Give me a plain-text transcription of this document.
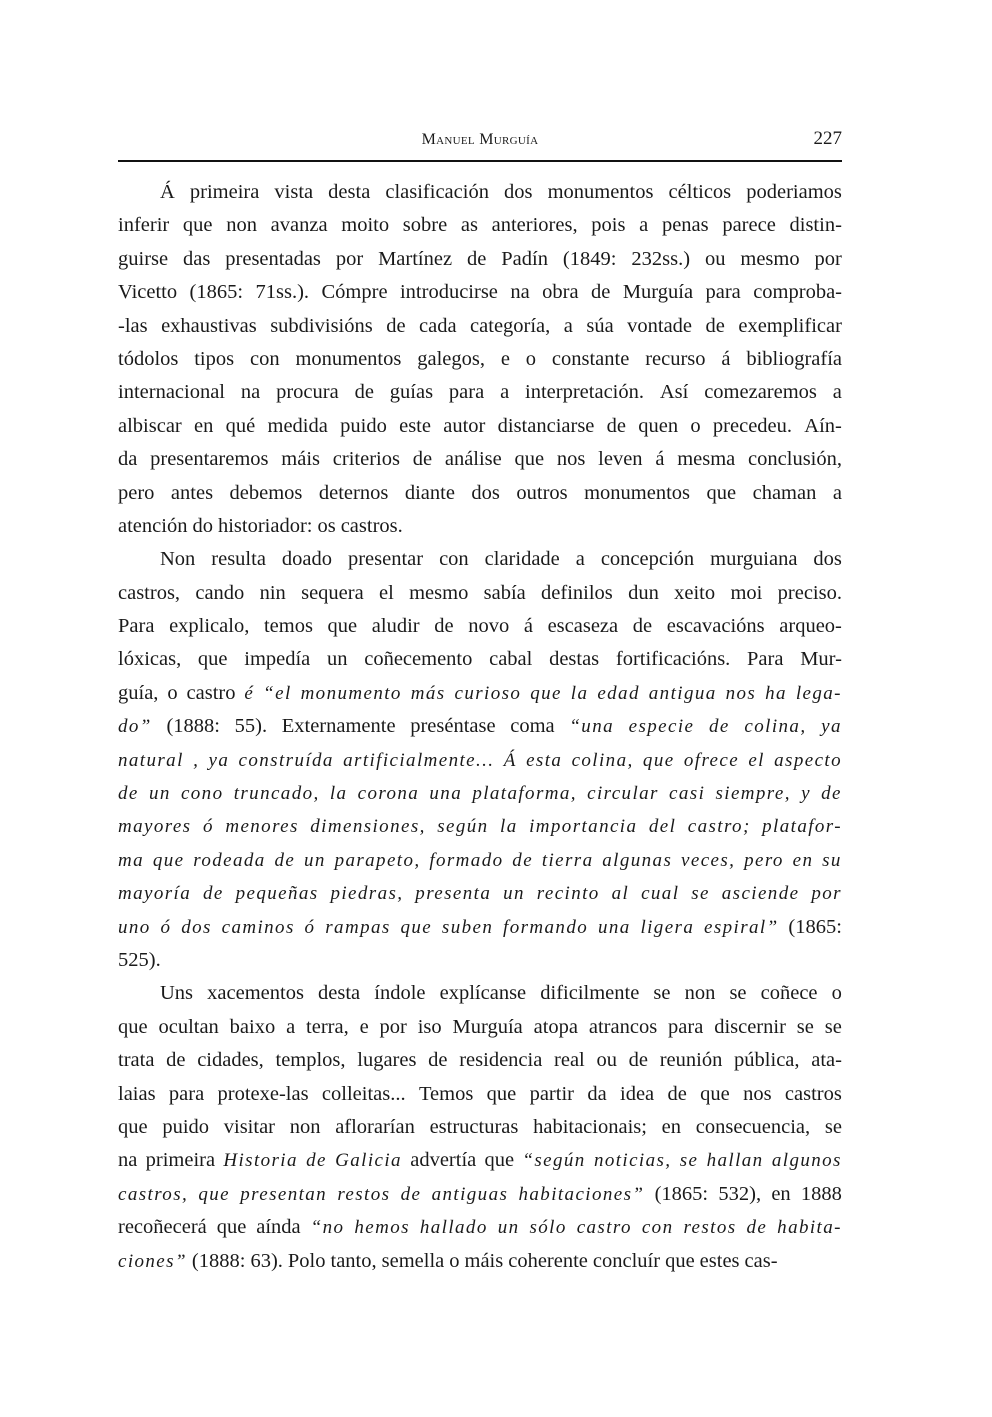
Manuel Murguía	227
Á primeira vista desta clasificación dos monumentos célticos poderiamos
inferir que non avanza moito sobre as anteriores, pois a penas parece distin-
guirse das presentadas por Martínez de Padín (1849: 232ss.) ou mesmo por
Vicetto (1865: 71ss.). Cómpre introducirse na obra de Murguía para comproba-
-las exhaustivas subdivisións de cada categoría, a súa vontade de exemplificar
tódolos tipos con monumentos galegos, e o constante recurso á bibliografía
internacional na procura de guías para a interpretación. Así comezaremos a
albiscar en qué medida puido este autor distanciarse de quen o precedeu. Aín-
da presentaremos máis criterios de análise que nos leven á mesma conclusión,
pero antes debemos deternos diante dos outros monumentos que chaman a
atención do historiador: os castros.
Non resulta doado presentar con claridade a concepción murguiana dos
castros, cando nin sequera el mesmo sabía definilos dun xeito moi preciso.
Para explicalo, temos que aludir de novo á escaseza de escavacións arqueo-
lóxicas, que impedía un coñecemento cabal destas fortificacións. Para Mur-
guía, o castro é “el monumento más curioso que la edad antigua nos ha lega-
do” (1888: 55). Externamente preséntase coma “una especie de colina, ya
natural , ya construída artificialmente... Á esta colina, que ofrece el aspecto
de un cono truncado, la corona una plataforma, circular casi siempre, y de
mayores ó menores dimensiones, según la importancia del castro; platafor-
ma que rodeada de un parapeto, formado de tierra algunas veces, pero en su
mayoría de pequeñas piedras, presenta un recinto al cual se asciende por
uno ó dos caminos ó rampas que suben formando una ligera espiral” (1865:
525).
Uns xacementos desta índole explícanse dificilmente se non se coñece o
que ocultan baixo a terra, e por iso Murguía atopa atrancos para discernir se se
trata de cidades, templos, lugares de residencia real ou de reunión pública, ata-
laias para protexe-las colleitas... Temos que partir da idea de que nos castros
que puido visitar non aflorarían estructuras habitacionais; en consecuencia, se
na primeira Historia de Galicia advertía que “según noticias, se hallan algunos
castros, que presentan restos de antiguas habitaciones” (1865: 532), en 1888
recoñecerá que aínda “no hemos hallado un sólo castro con restos de habita-
ciones” (1888: 63). Polo tanto, semella o máis coherente concluír que estes cas-
